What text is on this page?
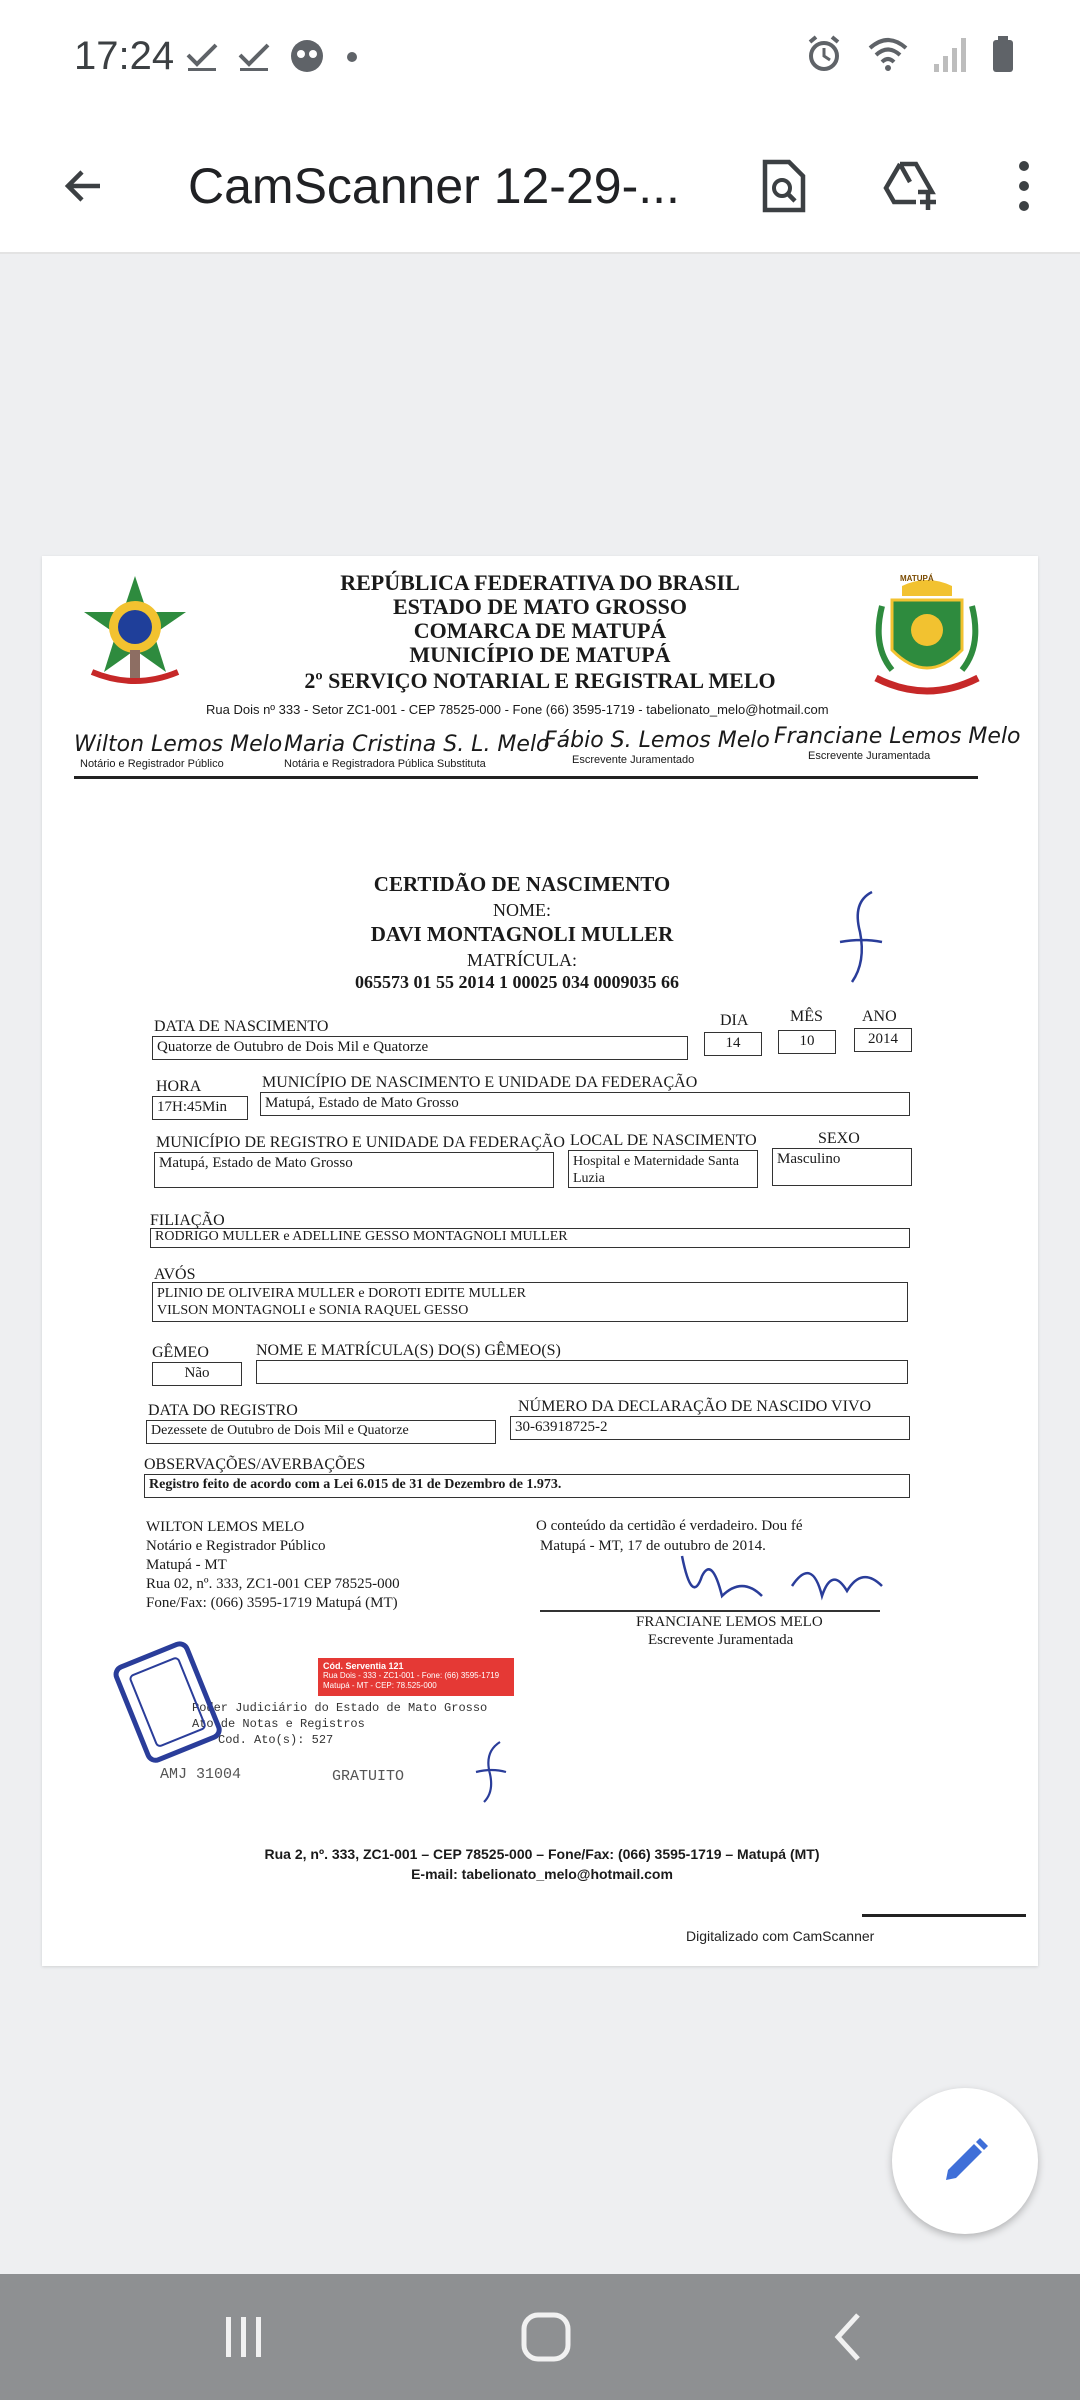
17:24
CamScanner 12-29-...
REPÚBLICA FEDERATIVA DO BRASIL
ESTADO DE MATO GROSSO
COMARCA DE MATUPÁ
MUNICÍPIO DE MATUPÁ
2º SERVIÇO NOTARIAL E REGISTRAL MELO
Rua Dois nº 333 - Setor ZC1-001 - CEP 78525-000 - Fone (66) 3595-1719 - tabelionato_melo@hotmail.com
MATUPÁ
Wilton Lemos Melo
Notário e Registrador Público
Maria Cristina S. L. Melo
Notária e Registradora Pública Substituta
Fábio S. Lemos Melo
Escrevente Juramentado
Franciane Lemos Melo
Escrevente Juramentada
CERTIDÃO DE NASCIMENTO
NOME:
DAVI MONTAGNOLI MULLER
MATRÍCULA:
065573 01 55 2014 1 00025 034 0009035 66
DATA DE NASCIMENTO
Quatorze de Outubro de Dois Mil e Quatorze
DIA
14
MÊS
10
ANO
2014
HORA
17H:45Min
MUNICÍPIO DE NASCIMENTO E UNIDADE DA FEDERAÇÃO
Matupá, Estado de Mato Grosso
MUNICÍPIO DE REGISTRO E UNIDADE DA FEDERAÇÃO
Matupá, Estado de Mato Grosso
LOCAL DE NASCIMENTO
Hospital e Maternidade Santa
Luzia
SEXO
Masculino
FILIAÇÃO
RODRIGO MULLER e ADELLINE GESSO MONTAGNOLI MULLER
AVÓS
PLINIO DE OLIVEIRA MULLER e DOROTI EDITE MULLER
VILSON MONTAGNOLI e SONIA RAQUEL GESSO
GÊMEO
Não
NOME E MATRÍCULA(S) DO(S) GÊMEO(S)
DATA DO REGISTRO
Dezessete de Outubro de Dois Mil e Quatorze
NÚMERO DA DECLARAÇÃO DE NASCIDO VIVO
30-63918725-2
OBSERVAÇÕES/AVERBAÇÕES
Registro feito de acordo com a Lei 6.015 de 31 de Dezembro de 1.973.
WILTON LEMOS MELO
Notário e Registrador Público
Matupá - MT
Rua 02, nº. 333, ZC1-001 CEP 78525-000
Fone/Fax: (066) 3595-1719 Matupá (MT)
O conteúdo da certidão é verdadeiro. Dou fé
Matupá - MT, 17 de outubro de 2014.
FRANCIANE LEMOS MELO
Escrevente Juramentada
Cód. Serventia 121
Rua Dois - 333 - ZC1-001 - Fone: (66) 3595-1719
Matupá - MT - CEP: 78.525-000
Poder Judiciário do Estado de Mato Grosso
Ato de Notas e Registros
Cod. Ato(s): 527
AMJ 31004	GRATUITO
Rua 2, nº. 333, ZC1-001 – CEP 78525-000 – Fone/Fax: (066) 3595-1719 – Matupá (MT)
E-mail: tabelionato_melo@hotmail.com
Digitalizado com CamScanner
